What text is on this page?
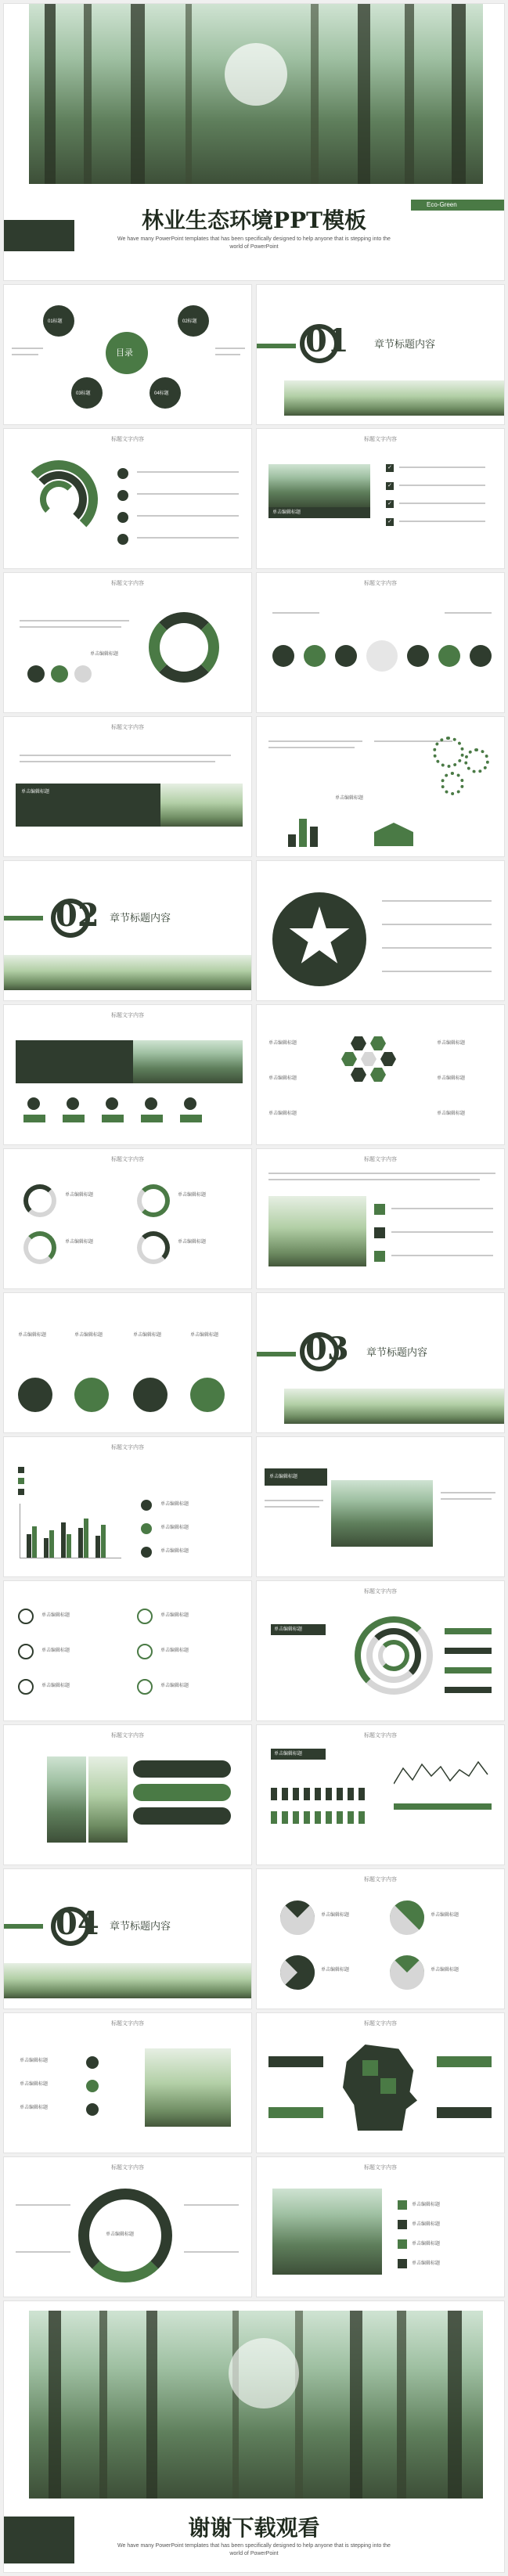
Eco-Green
林业生态环境PPT模板
We have many PowerPoint templates that has been specifically designed to help anyone that is stepping into the world of PowerPoint
目录
01标题	02标题
03标题	04标题
01 章节标题内容
标题文字内容	标题文字内容
单击编辑标题
✓
✓
✓
✓
标题文字内容
单击编辑标题
标题文字内容
标题文字内容
单击编辑标题
单击编辑标题
02 章节标题内容
标题文字内容
单击编辑标题
单击编辑标题
单击编辑标题
单击编辑标题
单击编辑标题
单击编辑标题
标题文字内容
单击编辑标题
单击编辑标题
单击编辑标题
单击编辑标题
标题文字内容
单击编辑标题	单击编辑标题	单击编辑标题	单击编辑标题	03 章节标题内容
标题文字内容
单击编辑标题
单击编辑标题
单击编辑标题
单击编辑标题
单击编辑标题
单击编辑标题
单击编辑标题
单击编辑标题
单击编辑标题
单击编辑标题
标题文字内容
单击编辑标题
标题文字内容	标题文字内容
单击编辑标题
04 章节标题内容
标题文字内容
单击编辑标题	单击编辑标题
单击编辑标题	单击编辑标题
标题文字内容
单击编辑标题
单击编辑标题
单击编辑标题
标题文字内容
标题文字内容
单击编辑标题
标题文字内容
单击编辑标题
单击编辑标题
单击编辑标题
单击编辑标题
谢谢下载观看
We have many PowerPoint templates that has been specifically designed to help anyone that is stepping into the world of PowerPoint
